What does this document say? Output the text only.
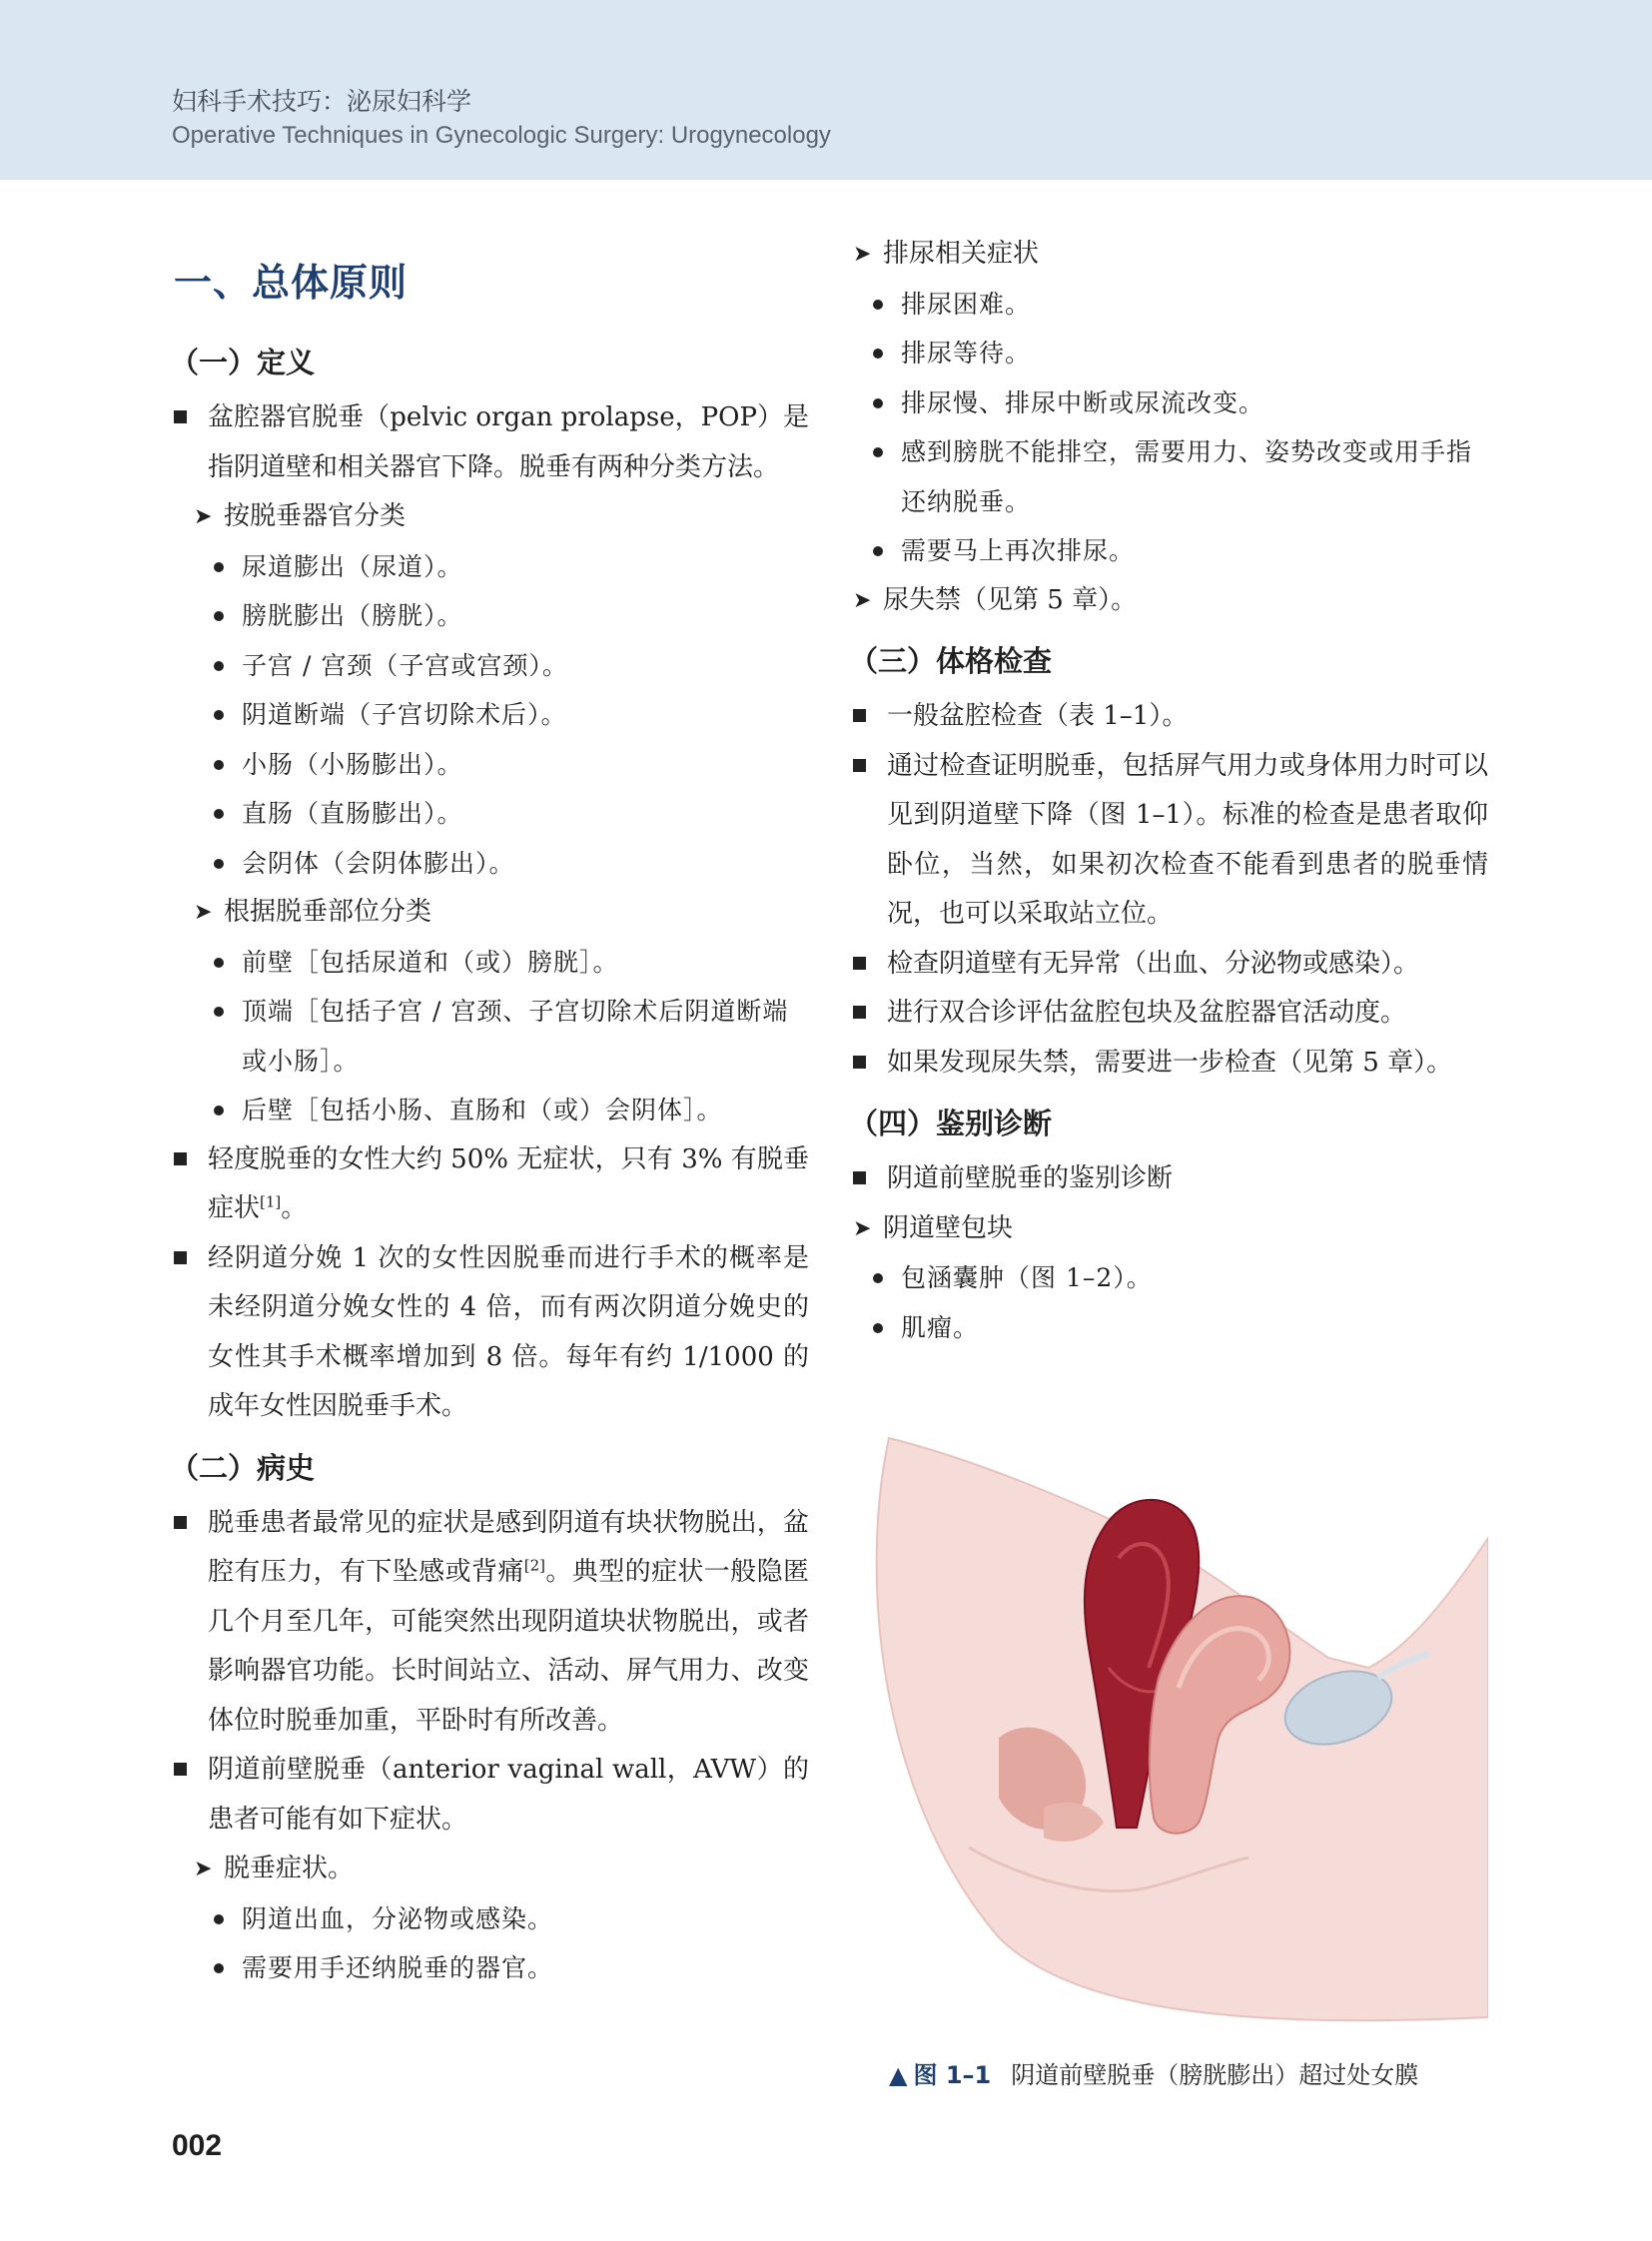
妇科手术技巧：泌尿妇科学
Operative Techniques in Gynecologic Surgery: Urogynecology
一、总体原则
（一）定义
盆腔器官脱垂（pelvic organ prolapse，POP）是指阴道壁和相关器官下降。脱垂有两种分类方法。
➤ 按脱垂器官分类
尿道膨出（尿道）。
膀胱膨出（膀胱）。
子宫 / 宫颈（子宫或宫颈）。
阴道断端（子宫切除术后）。
小肠（小肠膨出）。
直肠（直肠膨出）。
会阴体（会阴体膨出）。
➤ 根据脱垂部位分类
前壁［包括尿道和（或）膀胱］。
顶端［包括子宫 / 宫颈、子宫切除术后阴道断端或小肠］。
后壁［包括小肠、直肠和（或）会阴体］。
轻度脱垂的女性大约 50% 无症状，只有 3% 有脱垂症状[1]。
经阴道分娩 1 次的女性因脱垂而进行手术的概率是未经阴道分娩女性的 4 倍，而有两次阴道分娩史的女性其手术概率增加到 8 倍。每年有约 1/1000 的成年女性因脱垂手术。
（二）病史
脱垂患者最常见的症状是感到阴道有块状物脱出，盆腔有压力，有下坠感或背痛[2]。典型的症状一般隐匿几个月至几年，可能突然出现阴道块状物脱出，或者影响器官功能。长时间站立、活动、屏气用力、改变体位时脱垂加重，平卧时有所改善。
阴道前壁脱垂（anterior vaginal wall，AVW）的患者可能有如下症状。
➤ 脱垂症状。
阴道出血，分泌物或感染。
需要用手还纳脱垂的器官。
➤ 排尿相关症状
排尿困难。
排尿等待。
排尿慢、排尿中断或尿流改变。
感到膀胱不能排空，需要用力、姿势改变或用手指还纳脱垂。
需要马上再次排尿。
➤ 尿失禁（见第 5 章）。
（三）体格检查
一般盆腔检查（表 1–1）。
通过检查证明脱垂，包括屏气用力或身体用力时可以见到阴道壁下降（图 1–1）。标准的检查是患者取仰卧位，当然，如果初次检查不能看到患者的脱垂情况，也可以采取站立位。
检查阴道壁有无异常（出血、分泌物或感染）。
进行双合诊评估盆腔包块及盆腔器官活动度。
如果发现尿失禁，需要进一步检查（见第 5 章）。
（四）鉴别诊断
阴道前壁脱垂的鉴别诊断
➤ 阴道壁包块
包涵囊肿（图 1–2）。
肌瘤。
▲ 图 1–1 阴道前壁脱垂（膀胱膨出）超过处女膜
002
